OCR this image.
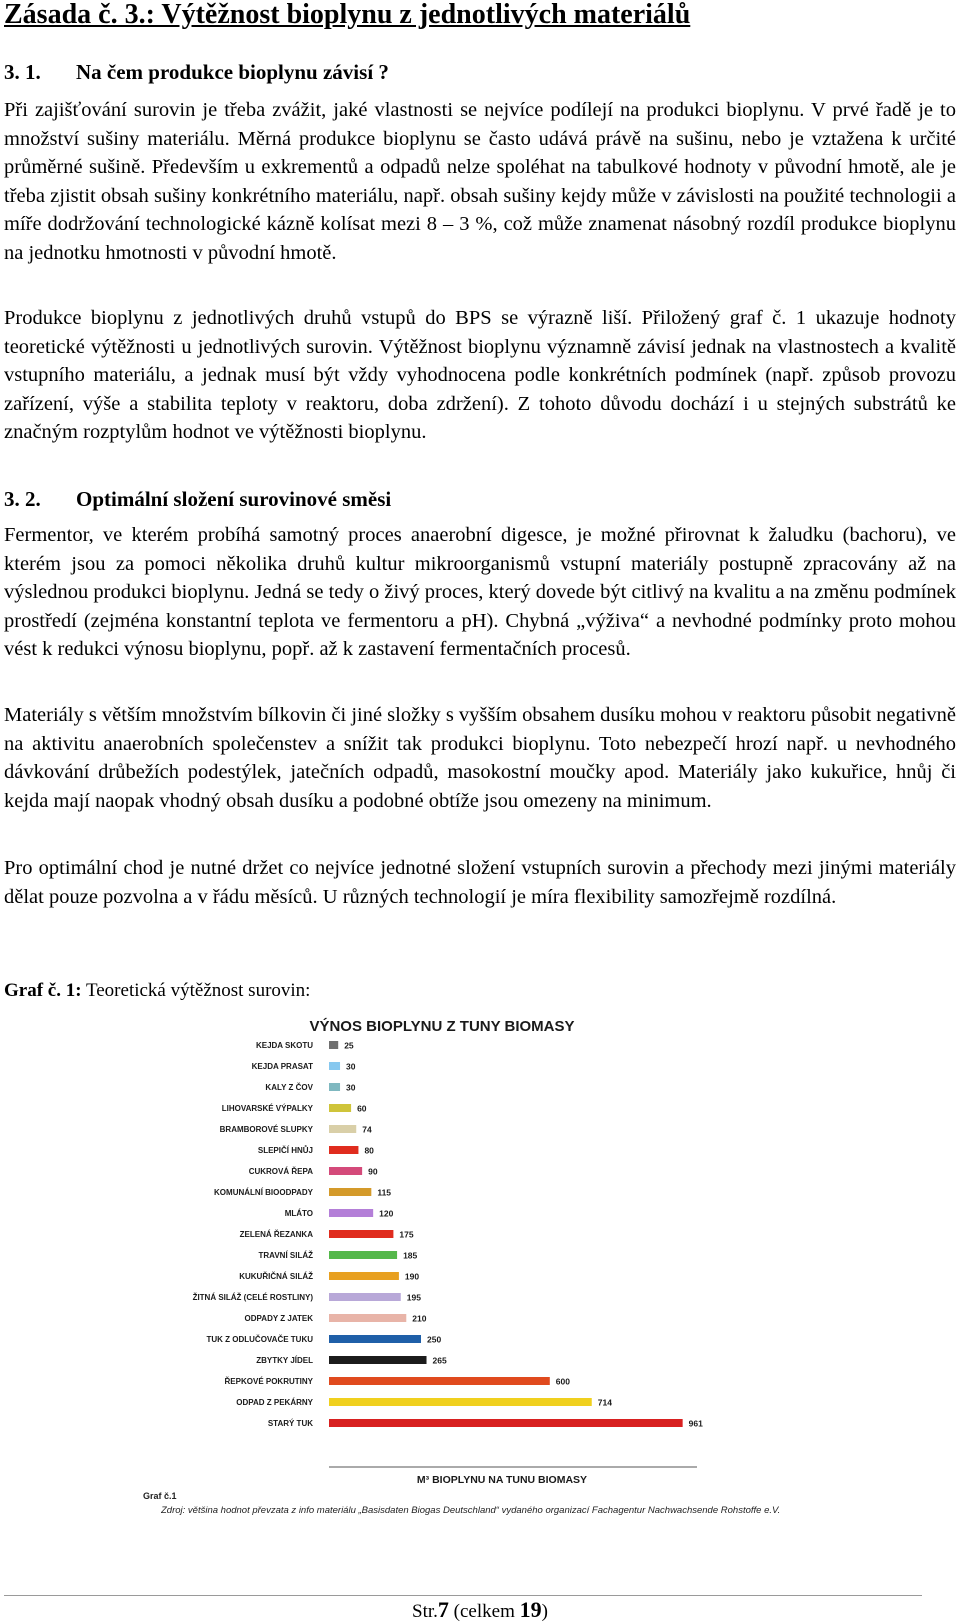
Zásada č. 3.: Výtěžnost bioplynu z jednotlivých materiálů
3. 1. Na čem produkce bioplynu závisí ?

Při zajišťování surovin je třeba zvážit, jaké vlastnosti se nejvíce podílejí na produkci bioplynu. V prvé řadě je to množství sušiny materiálu. Měrná produkce bioplynu se často udává právě na sušinu, nebo je vztažena k určité průměrné sušině. Především u exkrementů a odpadů nelze spoléhat na tabulkové hodnoty v původní hmotě, ale je třeba zjistit obsah sušiny konkrétního materiálu, např. obsah sušiny kejdy může v závislosti na použité technologii a míře dodržování technologické kázně kolísat mezi 8 – 3 %, což může znamenat násobný rozdíl produkce bioplynu na jednotku hmotnosti v původní hmotě.

Produkce bioplynu z jednotlivých druhů vstupů do BPS se výrazně liší. Přiložený graf č. 1 ukazuje hodnoty teoretické výtěžnosti u jednotlivých surovin. Výtěžnost bioplynu významně závisí jednak na vlastnostech a kvalitě vstupního materiálu, a jednak musí být vždy vyhodnocena podle konkrétních podmínek (např. způsob provozu zařízení, výše a stabilita teploty v reaktoru, doba zdržení). Z tohoto důvodu dochází i u stejných substrátů ke značným rozptylům hodnot ve výtěžnosti bioplynu.

3. 2. Optimální složení surovinové směsi

Fermentor, ve kterém probíhá samotný proces anaerobní digesce, je možné přirovnat k žaludku (bachoru), ve kterém jsou za pomoci několika druhů kultur mikroorganismů vstupní materiály postupně zpracovány až na výslednou produkci bioplynu. Jedná se tedy o živý proces, který dovede být citlivý na kvalitu a na změnu podmínek prostředí (zejména konstantní teplota ve fermentoru a pH). Chybná „výživa“ a nevhodné podmínky proto mohou vést k redukci výnosu bioplynu, popř. až k zastavení fermentačních procesů.

Materiály s větším množstvím bílkovin či jiné složky s vyšším obsahem dusíku mohou v reaktoru působit negativně na aktivitu anaerobních společenstev a snížit tak produkci bioplynu. Toto nebezpečí hrozí např. u nevhodného dávkování drůbežích podestýlek, jatečních odpadů, masokostní moučky apod. Materiály jako kukuřice, hnůj či kejda mají naopak vhodný obsah dusíku a podobné obtíže jsou omezeny na minimum.

Pro optimální chod je nutné držet co nejvíce jednotné složení vstupních surovin a přechody mezi jinými materiály dělat pouze pozvolna a v řádu měsíců. U různých technologií je míra flexibility samozřejmě rozdílná.

Graf č. 1: Teoretická výtěžnost surovin:
VÝNOS BIOPLYNU Z TUNY BIOMASY
KEJDA SKOTU	25
KEJDA PRASAT	30
KALY Z ČOV	30
LIHOVARSKÉ VÝPALKY	60
BRAMBOROVÉ SLUPKY	74
SLEPIČÍ HNŮJ	80
CUKROVÁ ŘEPA	90
KOMUNÁLNÍ BIOODPADY	115
MLÁTO	120
ZELENÁ ŘEZANKA	175
TRAVNÍ SILÁŽ	185
KUKUŘIČNÁ SILÁŽ	190
ŽITNÁ SILÁŽ (CELÉ ROSTLINY)	195
ODPADY Z JATEK	210
TUK Z ODLUČOVAČE TUKU	250
ZBYTKY JÍDEL	265
ŘEPKOVÉ POKRUTINY	600
ODPAD Z PEKÁRNY	714
STARÝ TUK	961
M³ BIOPLYNU NA TUNU BIOMASY
Graf č.1
Zdroj: většina hodnot převzata z info materiálu „Basisdaten Biogas Deutschland“ vydaného organizací Fachagentur Nachwachsende Rohstoffe e.V.
Str.7 (celkem 19)
